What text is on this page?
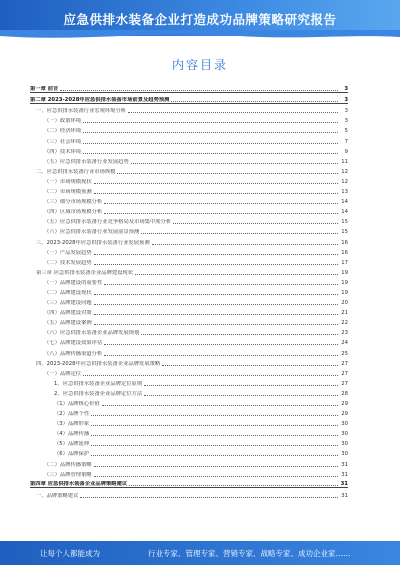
应急供排水装备企业打造成功品牌策略研究报告
内容目录
第一章 前言	3
第二章 2023-2028年应急供排水装备市场前景及趋势预测	3
一、应急供排水装备行业宏观环境分析	3
（一）政策环境	3
（二）经济环境	5
（三）社会环境	7
（四）技术环境	9
（五）应急供排水装备行业发展趋势	11
二、应急供排水装备行业市场规模	12
（一）市场规模现状	12
（二）市场规模预测	13
（三）细分市场规模分析	14
（四）区域市场规模分析	14
（五）应急供排水装备行业竞争格局及市场集中度分析	15
（六）应急供排水装备行业发展前景预测	15
三、2023-2028年应急供排水装备行业发展预测	16
（一）产品发展趋势	16
（二）技术发展趋势	17
第三章 应急供排水装备企业品牌建设现状	19
（一）品牌建设的重要性	19
（二）品牌建设现状	19
（三）品牌建设问题	20
（四）品牌建设对策	21
（五）品牌建设案例	22
（六）应急供排水装备企业品牌发展规划	23
（七）品牌建设效果评估	24
（八）品牌传播渠道分析	25
四、2023-2028年应急供排水装备企业品牌发展策略	27
（一）品牌定位	27
1、应急供排水装备企业品牌定位原则	27
2、应急供排水装备企业品牌定位方法	28
（1）品牌核心价值	29
（2）品牌个性	29
（3）品牌形象	30
（4）品牌传播	30
（5）品牌延伸	30
（6）品牌保护	30
（二）品牌传播策略	31
（三）品牌管理策略	31
第四章 应急供排水装备企业品牌策略建议	31
一、品牌策略建议	31
让每个人都能成为	行业专家、管理专家、营销专家、战略专家、成功企业家……
